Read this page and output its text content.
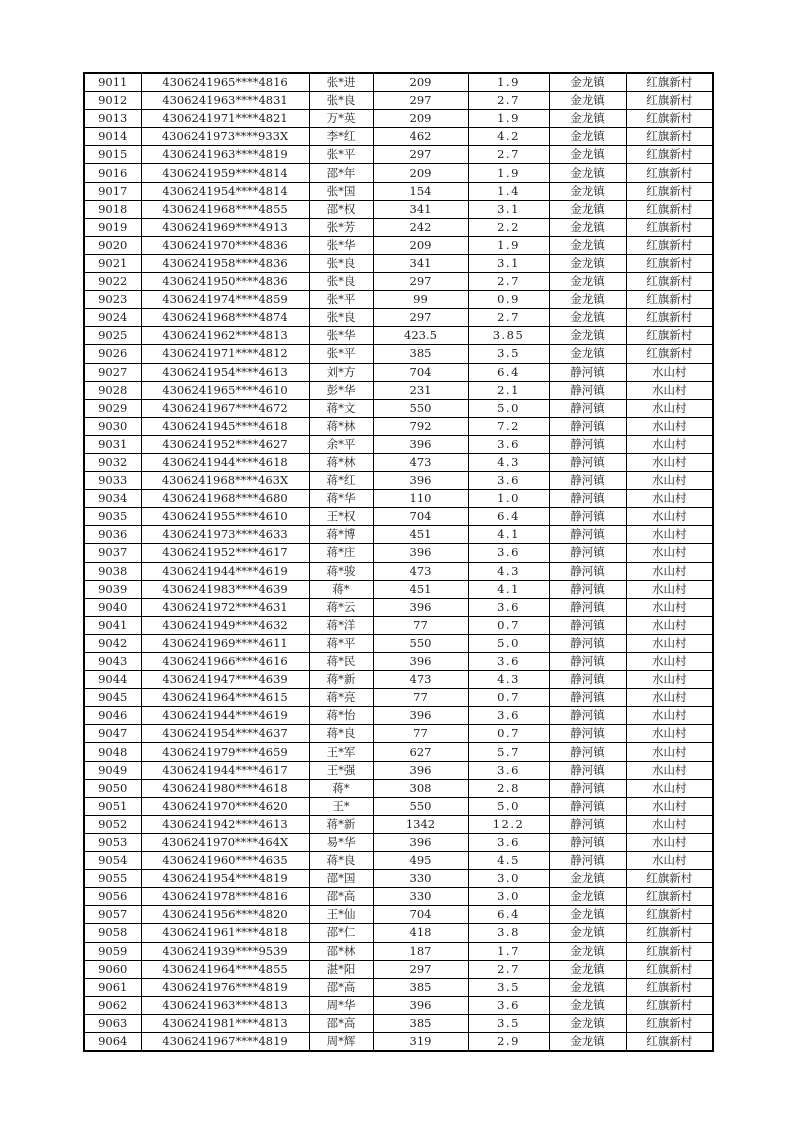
9011	4306241965****4816	张*进	209	1.9	金龙镇	红旗新村
9012	4306241963****4831	张*良	297	2.7	金龙镇	红旗新村
9013	4306241971****4821	万*英	209	1.9	金龙镇	红旗新村
9014	4306241973****933X	李*红	462	4.2	金龙镇	红旗新村
9015	4306241963****4819	张*平	297	2.7	金龙镇	红旗新村
9016	4306241959****4814	邵*年	209	1.9	金龙镇	红旗新村
9017	4306241954****4814	张*国	154	1.4	金龙镇	红旗新村
9018	4306241968****4855	邵*权	341	3.1	金龙镇	红旗新村
9019	4306241969****4913	张*芳	242	2.2	金龙镇	红旗新村
9020	4306241970****4836	张*华	209	1.9	金龙镇	红旗新村
9021	4306241958****4836	张*良	341	3.1	金龙镇	红旗新村
9022	4306241950****4836	张*良	297	2.7	金龙镇	红旗新村
9023	4306241974****4859	张*平	99	0.9	金龙镇	红旗新村
9024	4306241968****4874	张*良	297	2.7	金龙镇	红旗新村
9025	4306241962****4813	张*华	423.5	3.85	金龙镇	红旗新村
9026	4306241971****4812	张*平	385	3.5	金龙镇	红旗新村
9027	4306241954****4613	刘*方	704	6.4	静河镇	水山村
9028	4306241965****4610	彭*华	231	2.1	静河镇	水山村
9029	4306241967****4672	蒋*文	550	5.0	静河镇	水山村
9030	4306241945****4618	蒋*林	792	7.2	静河镇	水山村
9031	4306241952****4627	余*平	396	3.6	静河镇	水山村
9032	4306241944****4618	蒋*林	473	4.3	静河镇	水山村
9033	4306241968****463X	蒋*红	396	3.6	静河镇	水山村
9034	4306241968****4680	蒋*华	110	1.0	静河镇	水山村
9035	4306241955****4610	王*权	704	6.4	静河镇	水山村
9036	4306241973****4633	蒋*博	451	4.1	静河镇	水山村
9037	4306241952****4617	蒋*庄	396	3.6	静河镇	水山村
9038	4306241944****4619	蒋*骏	473	4.3	静河镇	水山村
9039	4306241983****4639	蒋*	451	4.1	静河镇	水山村
9040	4306241972****4631	蒋*云	396	3.6	静河镇	水山村
9041	4306241949****4632	蒋*洋	77	0.7	静河镇	水山村
9042	4306241969****4611	蒋*平	550	5.0	静河镇	水山村
9043	4306241966****4616	蒋*民	396	3.6	静河镇	水山村
9044	4306241947****4639	蒋*新	473	4.3	静河镇	水山村
9045	4306241964****4615	蒋*亮	77	0.7	静河镇	水山村
9046	4306241944****4619	蒋*怡	396	3.6	静河镇	水山村
9047	4306241954****4637	蒋*良	77	0.7	静河镇	水山村
9048	4306241979****4659	王*军	627	5.7	静河镇	水山村
9049	4306241944****4617	王*强	396	3.6	静河镇	水山村
9050	4306241980****4618	蒋*	308	2.8	静河镇	水山村
9051	4306241970****4620	王*	550	5.0	静河镇	水山村
9052	4306241942****4613	蒋*新	1342	12.2	静河镇	水山村
9053	4306241970****464X	易*华	396	3.6	静河镇	水山村
9054	4306241960****4635	蒋*良	495	4.5	静河镇	水山村
9055	4306241954****4819	邵*国	330	3.0	金龙镇	红旗新村
9056	4306241978****4816	邵*高	330	3.0	金龙镇	红旗新村
9057	4306241956****4820	王*仙	704	6.4	金龙镇	红旗新村
9058	4306241961****4818	邵*仁	418	3.8	金龙镇	红旗新村
9059	4306241939****9539	邵*林	187	1.7	金龙镇	红旗新村
9060	4306241964****4855	湛*阳	297	2.7	金龙镇	红旗新村
9061	4306241976****4819	邵*高	385	3.5	金龙镇	红旗新村
9062	4306241963****4813	周*华	396	3.6	金龙镇	红旗新村
9063	4306241981****4813	邵*高	385	3.5	金龙镇	红旗新村
9064	4306241967****4819	周*辉	319	2.9	金龙镇	红旗新村
